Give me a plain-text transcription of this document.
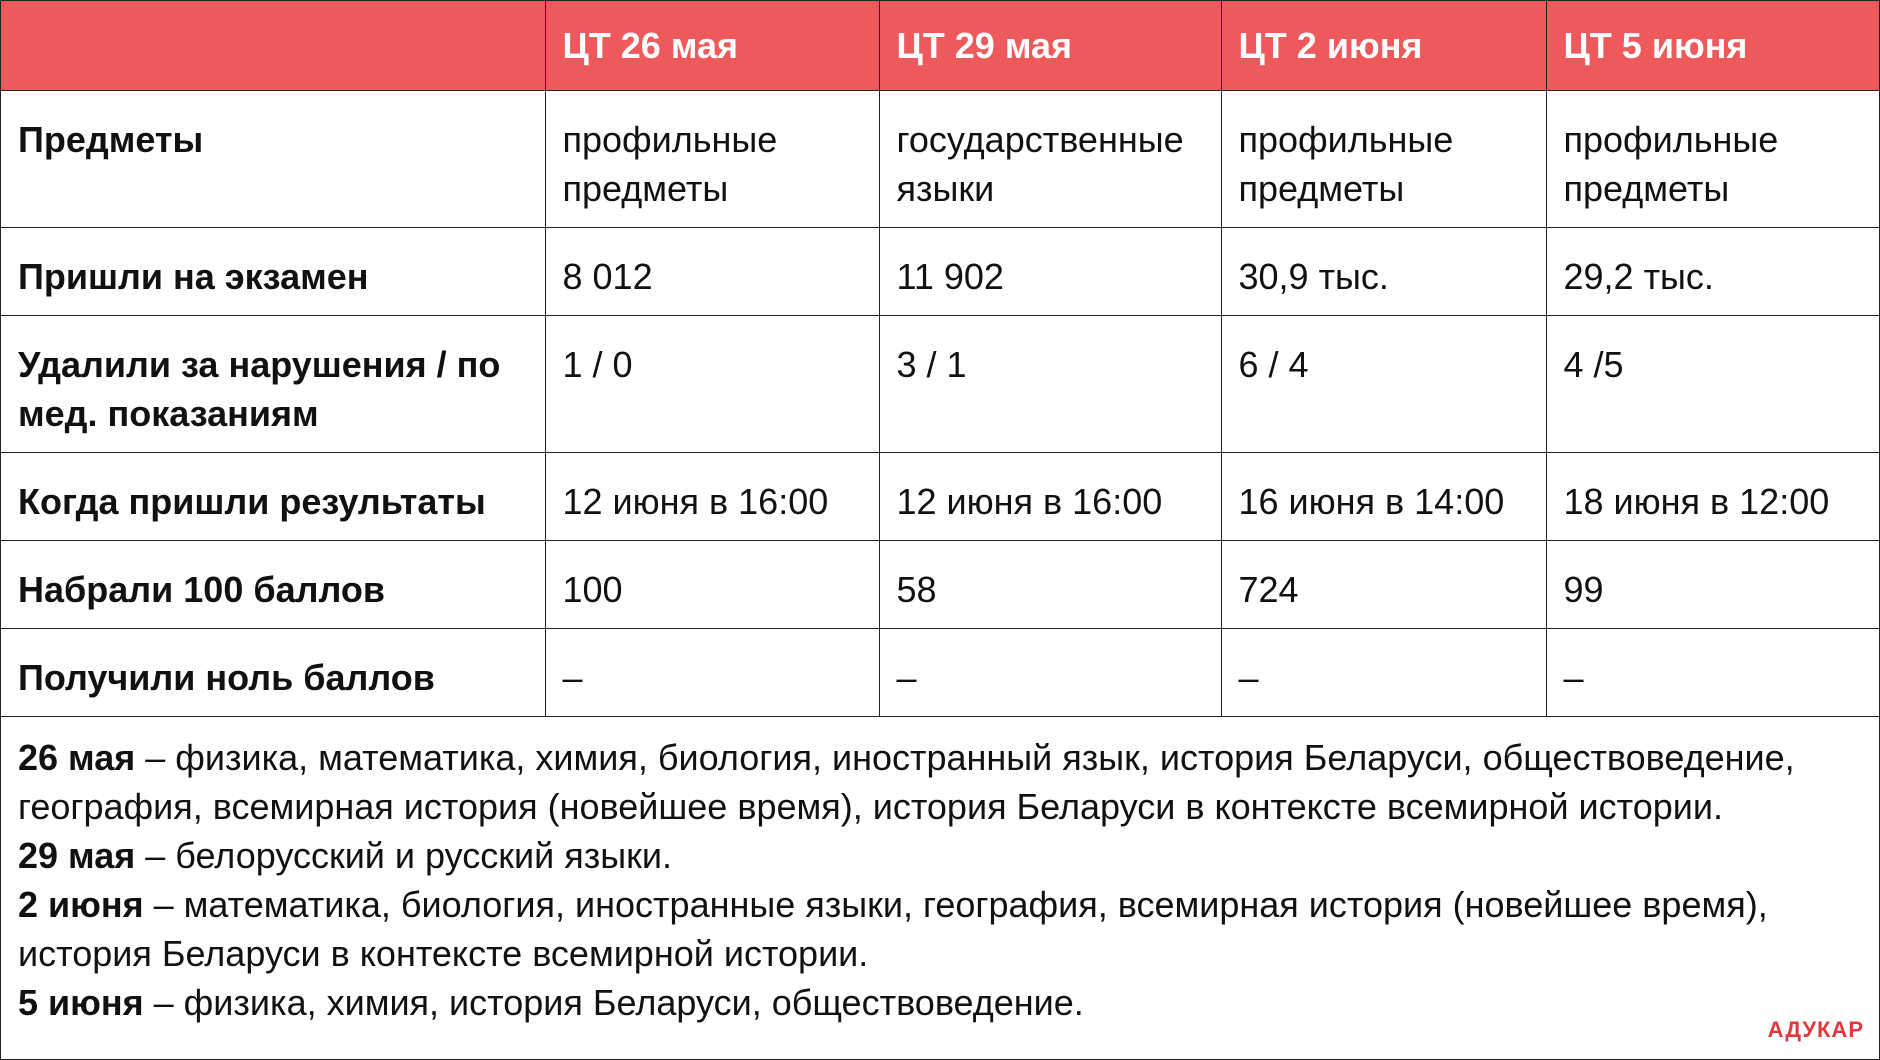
	ЦТ 26 мая	ЦТ 29 мая	ЦТ 2 июня	ЦТ 5 июня
Предметы	профильные предметы	государственные языки	профильные предметы	профильные предметы
Пришли на экзамен	8 012	11 902	30,9 тыс.	29,2 тыс.
Удалили за нарушения / по мед. показаниям	1 / 0	3 / 1	6 / 4	4 /5
Когда пришли результаты	12 июня в 16:00	12 июня в 16:00	16 июня в 14:00	18 июня в 12:00
Набрали 100 баллов	100	58	724	99
Получили ноль баллов	–	–	–	–

26 мая – физика, математика, химия, биология, иностранный язык, история Беларуси, обществоведение, география, всемирная история (новейшее время), история Беларуси в контексте всемирной истории.

29 мая – белорусский и русский языки.

2 июня – математика, биология, иностранные языки, география, всемирная история (новейшее время), история Беларуси в контексте всемирной истории.

5 июня – физика, химия, история Беларуси, обществоведение.

АДУКАР
